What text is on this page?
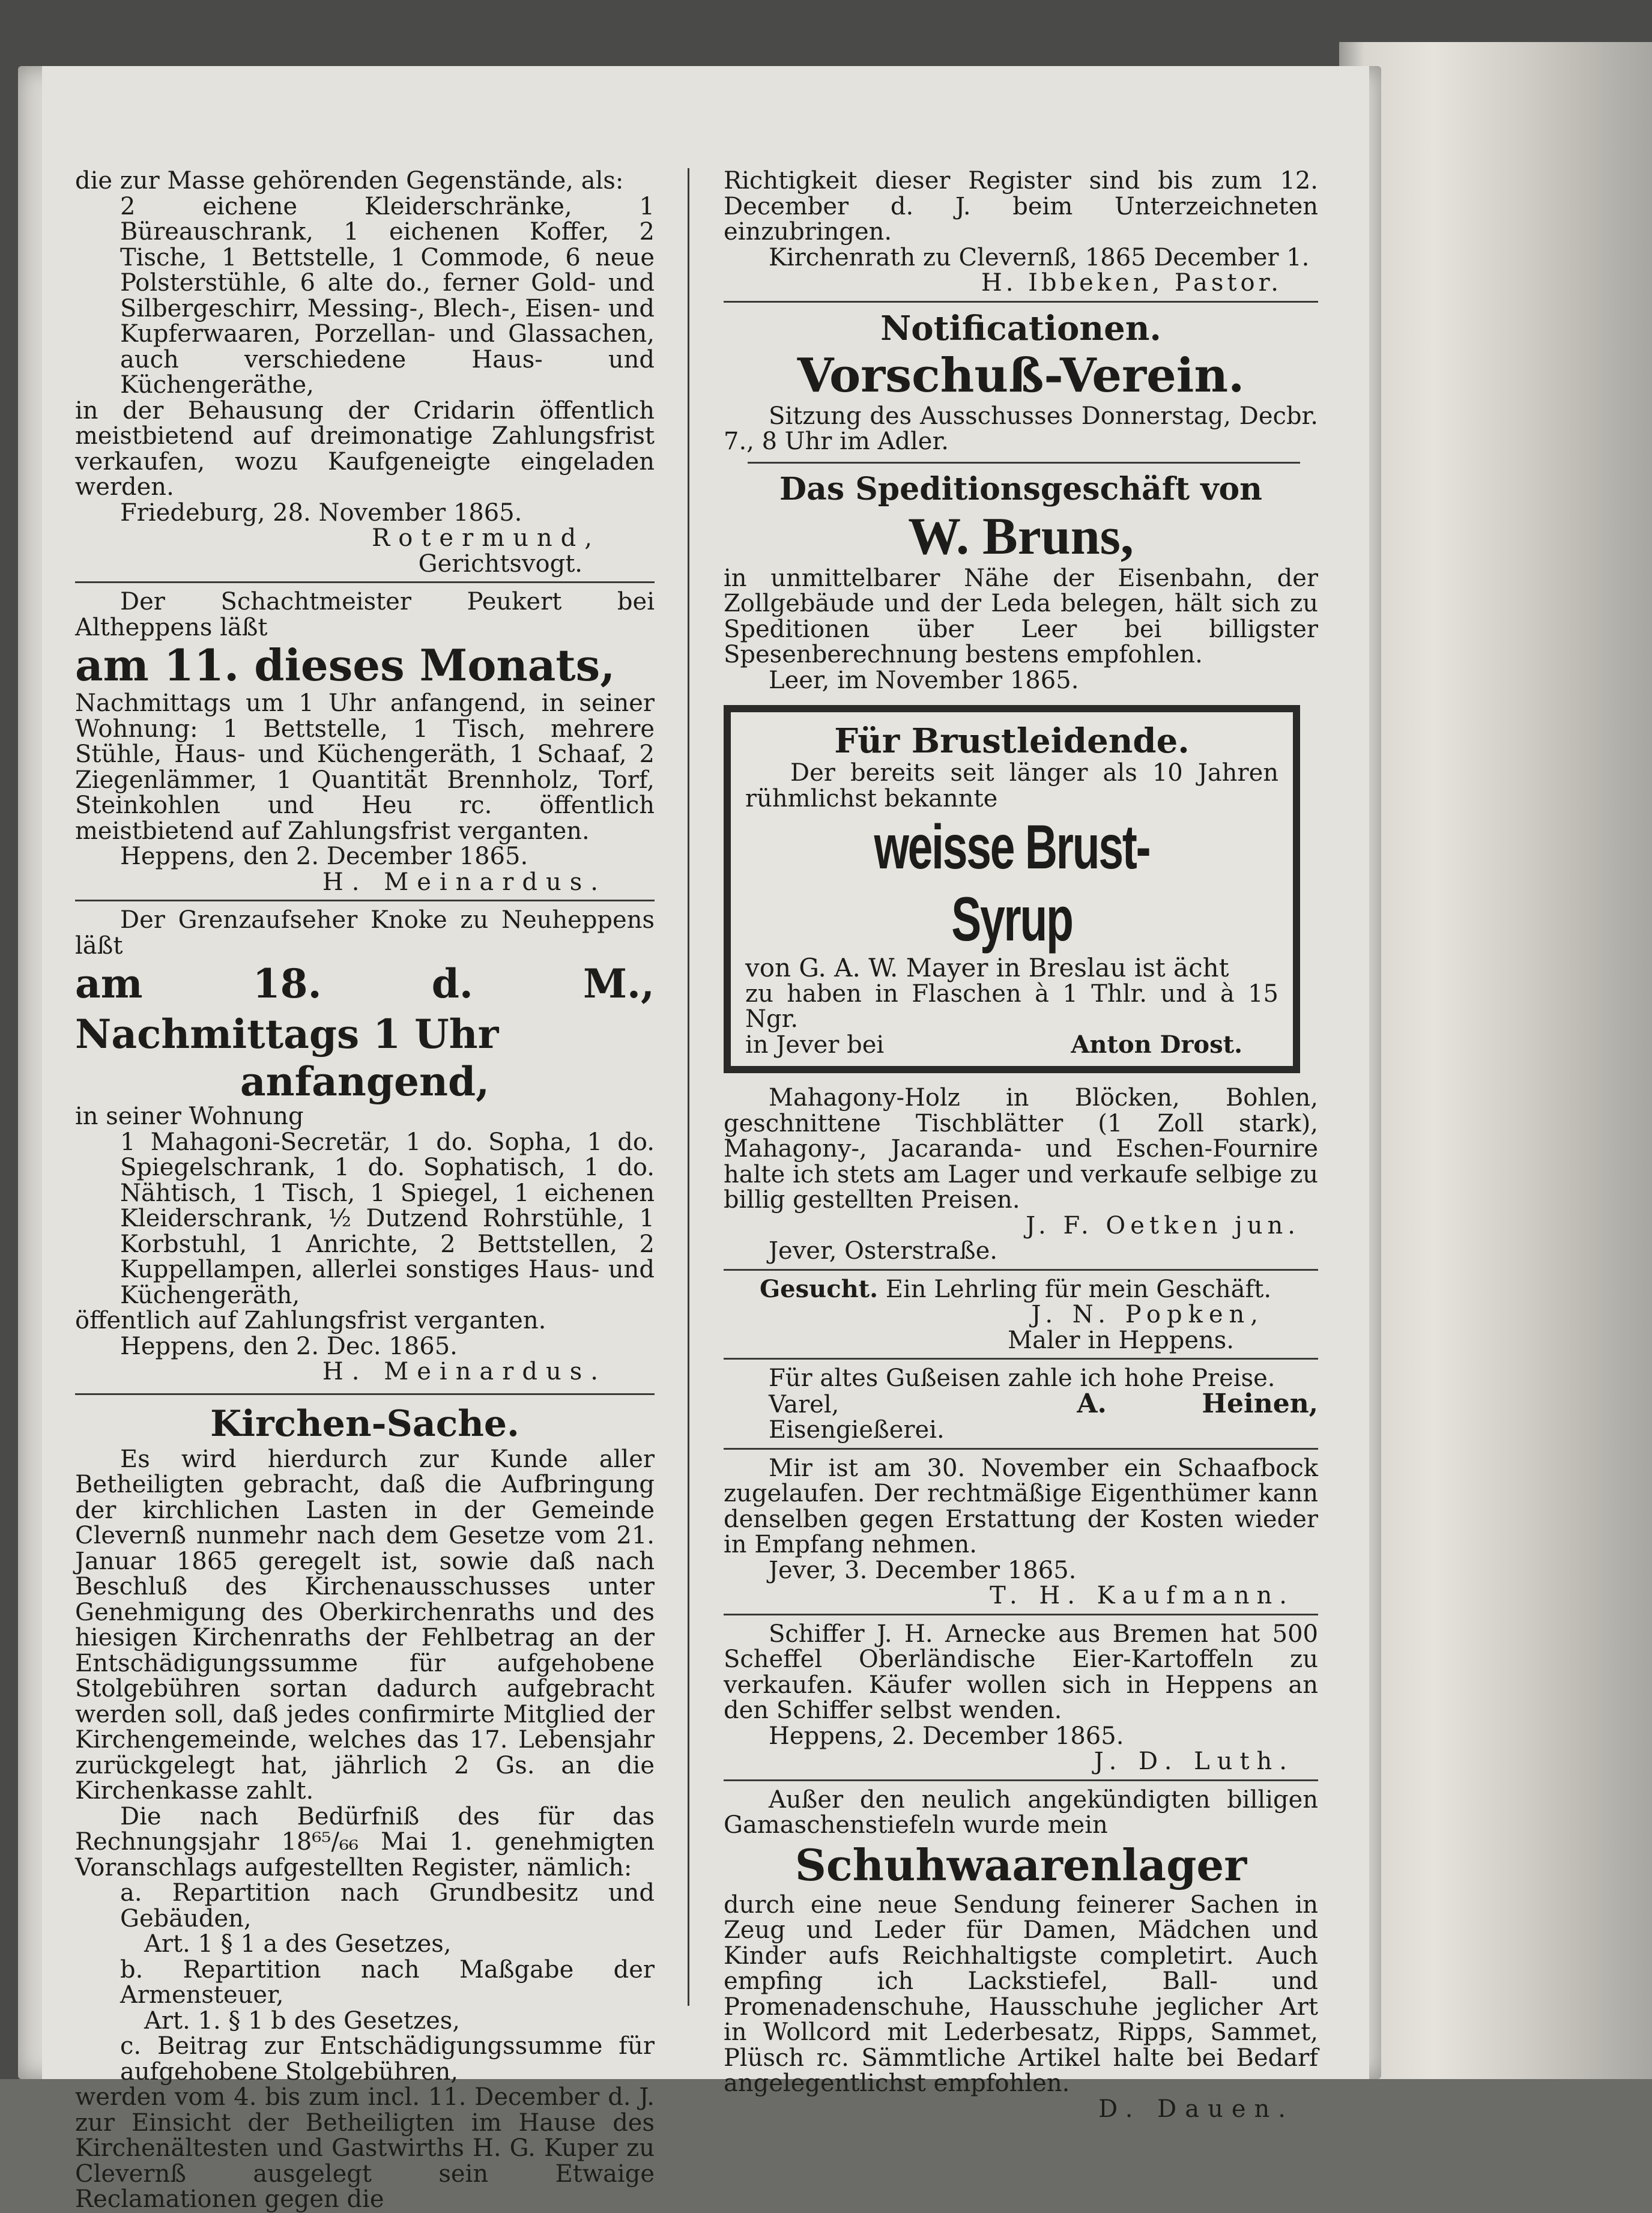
die zur Masse gehörenden Gegenstände, als:

2 eichene Kleiderschränke, 1 Büreauschrank, 1 eichenen Koffer, 2 Tische, 1 Bettstelle, 1 Commode, 6 neue Polsterstühle, 6 alte do., ferner Gold- und Silbergeschirr, Messing-, Blech-, Eisen- und Kupferwaaren, Porzellan- und Glassachen, auch verschiedene Haus- und Küchengeräthe,

in der Behausung der Cridarin öffentlich meistbietend auf dreimonatige Zahlungsfrist verkaufen, wozu Kaufgeneigte eingeladen werden.

Friedeburg, 28. November 1865.

Rotermund,

Gerichtsvogt.

Der Schachtmeister Peukert bei Altheppens läßt

am 11. dieses Monats,

Nachmittags um 1 Uhr anfangend, in seiner Wohnung: 1 Bettstelle, 1 Tisch, mehrere Stühle, Haus- und Küchengeräth, 1 Schaaf, 2 Ziegenlämmer, 1 Quantität Brennholz, Torf, Steinkohlen und Heu rc. öffentlich meistbietend auf Zahlungsfrist verganten.

Heppens, den 2. December 1865.

H. Meinardus.

Der Grenzaufseher Knoke zu Neuheppens läßt

am 18. d. M., Nachmittags 1 Uhr

anfangend,

in seiner Wohnung

1 Mahagoni-Secretär, 1 do. Sopha, 1 do. Spiegelschrank, 1 do. Sophatisch, 1 do. Nähtisch, 1 Tisch, 1 Spiegel, 1 eichenen Kleiderschrank, ½ Dutzend Rohrstühle, 1 Korbstuhl, 1 Anrichte, 2 Bettstellen, 2 Kuppellampen, allerlei sonstiges Haus- und Küchengeräth,

öffentlich auf Zahlungsfrist verganten.

Heppens, den 2. Dec. 1865.

H. Meinardus.

Kirchen-Sache.

Es wird hierdurch zur Kunde aller Betheiligten gebracht, daß die Aufbringung der kirchlichen Lasten in der Gemeinde Clevernß nunmehr nach dem Gesetze vom 21. Januar 1865 geregelt ist, sowie daß nach Beschluß des Kirchenausschusses unter Genehmigung des Oberkirchenraths und des hiesigen Kirchenraths der Fehlbetrag an der Entschädigungssumme für aufgehobene Stolgebühren sortan dadurch aufgebracht werden soll, daß jedes confirmirte Mitglied der Kirchengemeinde, welches das 17. Lebensjahr zurückgelegt hat, jährlich 2 Gs. an die Kirchenkasse zahlt.

Die nach Bedürfniß des für das Rechnungsjahr 18⁶⁵/₆₆ Mai 1. genehmigten Voranschlags aufgestellten Register, nämlich:

a. Repartition nach Grundbesitz und Gebäuden,

Art. 1 § 1 a des Gesetzes,

b. Repartition nach Maßgabe der Armensteuer,

Art. 1. § 1 b des Gesetzes,

c. Beitrag zur Entschädigungssumme für aufgehobene Stolgebühren,

werden vom 4. bis zum incl. 11. December d. J. zur Einsicht der Betheiligten im Hause des Kirchenältesten und Gastwirths H. G. Kuper zu Clevernß ausgelegt sein Etwaige Reclamationen gegen die

Richtigkeit dieser Register sind bis zum 12. December d. J. beim Unterzeichneten einzubringen.

Kirchenrath zu Clevernß, 1865 December 1.

H. Ibbeken, Pastor.

Notificationen.

Vorschuß-Verein.

Sitzung des Ausschusses Donnerstag, Decbr. 7., 8 Uhr im Adler.

Das Speditionsgeschäft von

W. Bruns,

in unmittelbarer Nähe der Eisenbahn, der Zollgebäude und der Leda belegen, hält sich zu Speditionen über Leer bei billigster Spesenberechnung bestens empfohlen.

Leer, im November 1865.

Für Brustleidende.

Der bereits seit länger als 10 Jahren rühmlichst bekannte

weisse Brust-Syrup

von G. A. W. Mayer in Breslau ist ächt

zu haben in Flaschen à 1 Thlr. und à 15 Ngr.

in Jever bei	Anton Drost.

Mahagony-Holz in Blöcken, Bohlen, geschnittene Tischblätter (1 Zoll stark), Mahagony-, Jacaranda- und Eschen-Fournire halte ich stets am Lager und verkaufe selbige zu billig gestellten Preisen.

J. F. Oetken jun.

Jever, Osterstraße.

Gesucht. Ein Lehrling für mein Geschäft.

J. N. Popken,

Maler in Heppens.

Für altes Gußeisen zahle ich hohe Preise.

Varel,	A. Heinen, Eisengießerei.

Mir ist am 30. November ein Schaafbock zugelaufen. Der rechtmäßige Eigenthümer kann denselben gegen Erstattung der Kosten wieder in Empfang nehmen.

Jever, 3. December 1865.

T. H. Kaufmann.

Schiffer J. H. Arnecke aus Bremen hat 500 Scheffel Oberländische Eier-Kartoffeln zu verkaufen. Käufer wollen sich in Heppens an den Schiffer selbst wenden.

Heppens, 2. December 1865.

J. D. Luth.

Außer den neulich angekündigten billigen Gamaschenstiefeln wurde mein

Schuhwaarenlager

durch eine neue Sendung feinerer Sachen in Zeug und Leder für Damen, Mädchen und Kinder aufs Reichhaltigste completirt. Auch empfing ich Lackstiefel, Ball- und Promenadenschuhe, Hausschuhe jeglicher Art in Wollcord mit Lederbesatz, Ripps, Sammet, Plüsch rc. Sämmtliche Artikel halte bei Bedarf angelegentlichst empfohlen.

D. Dauen.
